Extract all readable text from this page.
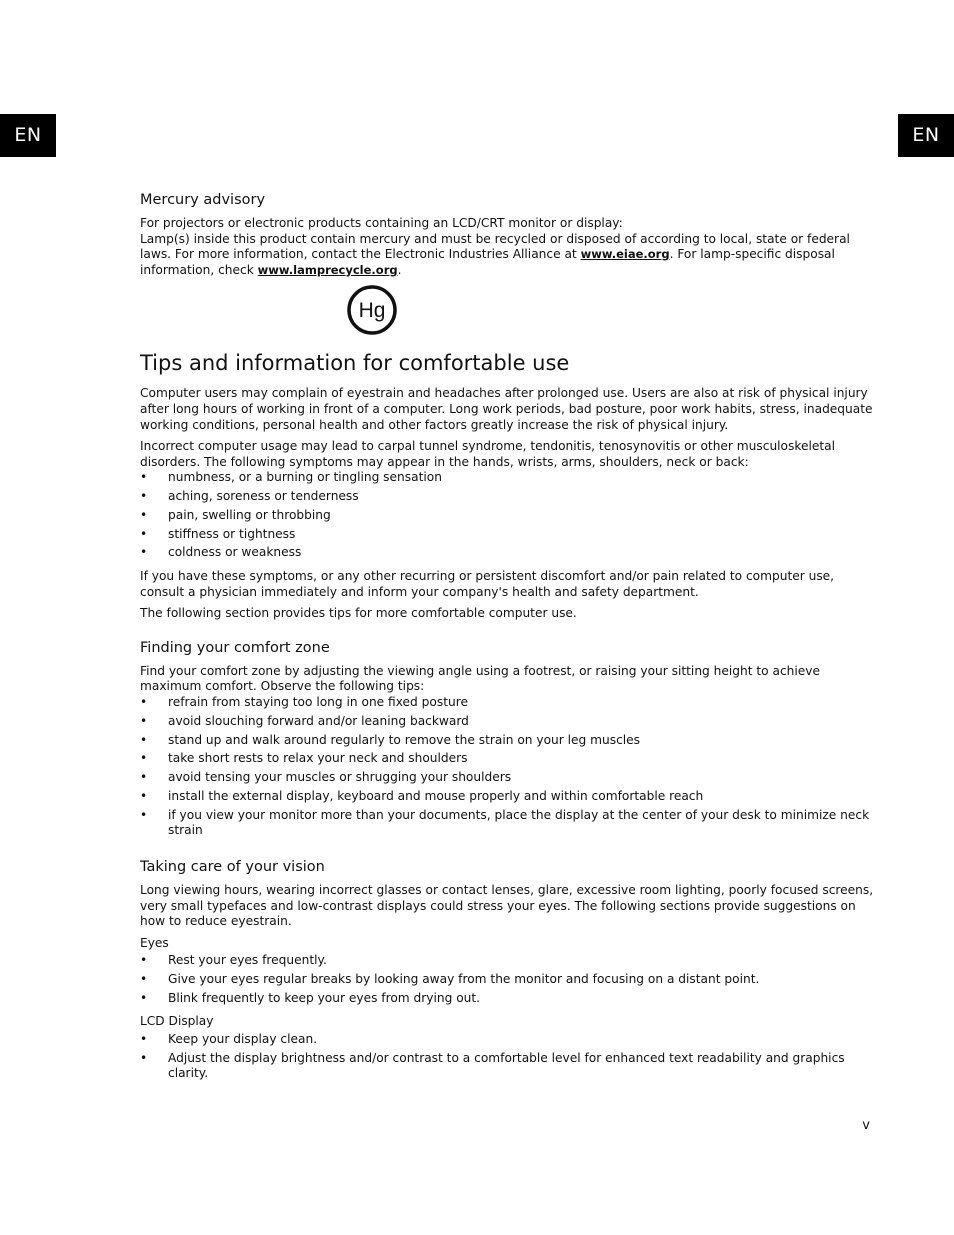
EN	EN
Mercury advisory

For projectors or electronic products containing an LCD/CRT monitor or display:

Lamp(s) inside this product contain mercury and must be recycled or disposed of according to local, state or federal laws. For more information, contact the Electronic Industries Alliance at www.eiae.org. For lamp-specific disposal information, check www.lamprecycle.org.

Hg
Tips and information for comfortable use

Computer users may complain of eyestrain and headaches after prolonged use. Users are also at risk of physical injury after long hours of working in front of a computer. Long work periods, bad posture, poor work habits, stress, inadequate working conditions, personal health and other factors greatly increase the risk of physical injury.

Incorrect computer usage may lead to carpal tunnel syndrome, tendonitis, tenosynovitis or other musculoskeletal disorders. The following symptoms may appear in the hands, wrists, arms, shoulders, neck or back:

• numbness, or a burning or tingling sensation
• aching, soreness or tenderness
• pain, swelling or throbbing
• stiffness or tightness
• coldness or weakness

If you have these symptoms, or any other recurring or persistent discomfort and/or pain related to computer use, consult a physician immediately and inform your company's health and safety department.

The following section provides tips for more comfortable computer use.

Finding your comfort zone

Find your comfort zone by adjusting the viewing angle using a footrest, or raising your sitting height to achieve maximum comfort. Observe the following tips:

• refrain from staying too long in one fixed posture
• avoid slouching forward and/or leaning backward
• stand up and walk around regularly to remove the strain on your leg muscles
• take short rests to relax your neck and shoulders
• avoid tensing your muscles or shrugging your shoulders
• install the external display, keyboard and mouse properly and within comfortable reach
• if you view your monitor more than your documents, place the display at the center of your desk to minimize neck strain
Taking care of your vision

Long viewing hours, wearing incorrect glasses or contact lenses, glare, excessive room lighting, poorly focused screens, very small typefaces and low-contrast displays could stress your eyes. The following sections provide suggestions on how to reduce eyestrain.

Eyes

• Rest your eyes frequently.
• Give your eyes regular breaks by looking away from the monitor and focusing on a distant point.
• Blink frequently to keep your eyes from drying out.

LCD Display

• Keep your display clean.
• Adjust the display brightness and/or contrast to a comfortable level for enhanced text readability and graphics clarity.
v
